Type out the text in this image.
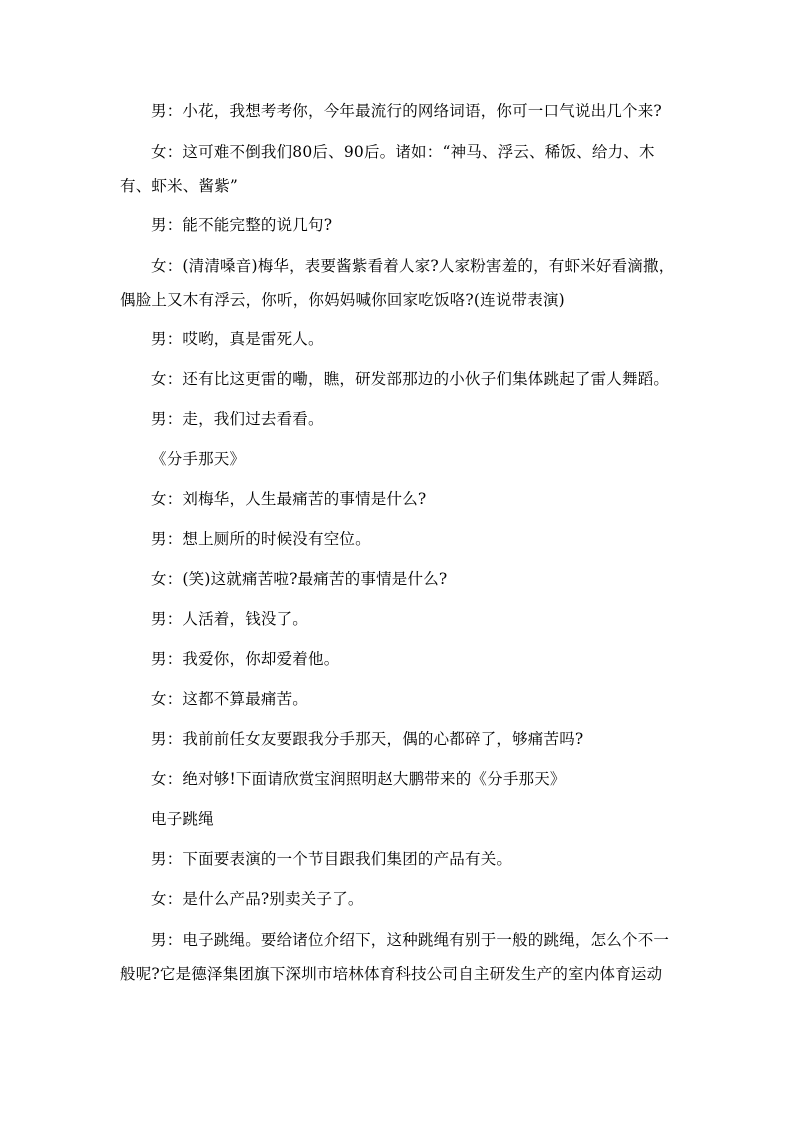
男：小花，我想考考你，今年最流行的网络词语，你可一口气说出几个来?

女：这可难不倒我们80后、90后。诸如：“神马、浮云、稀饭、给力、木有、虾米、酱紫”

男：能不能完整的说几句?

女：(清清嗓音)梅华，表要酱紫看着人家?人家粉害羞的，有虾米好看滴撒，偶脸上又木有浮云，你听，你妈妈喊你回家吃饭咯?(连说带表演)

男：哎哟，真是雷死人。

女：还有比这更雷的嘞，瞧，研发部那边的小伙子们集体跳起了雷人舞蹈。

男：走，我们过去看看。

《分手那天》

女：刘梅华，人生最痛苦的事情是什么?

男：想上厕所的时候没有空位。

女：(笑)这就痛苦啦?最痛苦的事情是什么?

男：人活着，钱没了。

男：我爱你，你却爱着他。

女：这都不算最痛苦。

男：我前前任女友要跟我分手那天，偶的心都碎了，够痛苦吗?

女：绝对够!下面请欣赏宝润照明赵大鹏带来的《分手那天》

电子跳绳

男：下面要表演的一个节目跟我们集团的产品有关。

女：是什么产品?别卖关子了。

男：电子跳绳。要给诸位介绍下，这种跳绳有别于一般的跳绳，怎么个不一般呢?它是德泽集团旗下深圳市培林体育科技公司自主研发生产的室内体育运动
